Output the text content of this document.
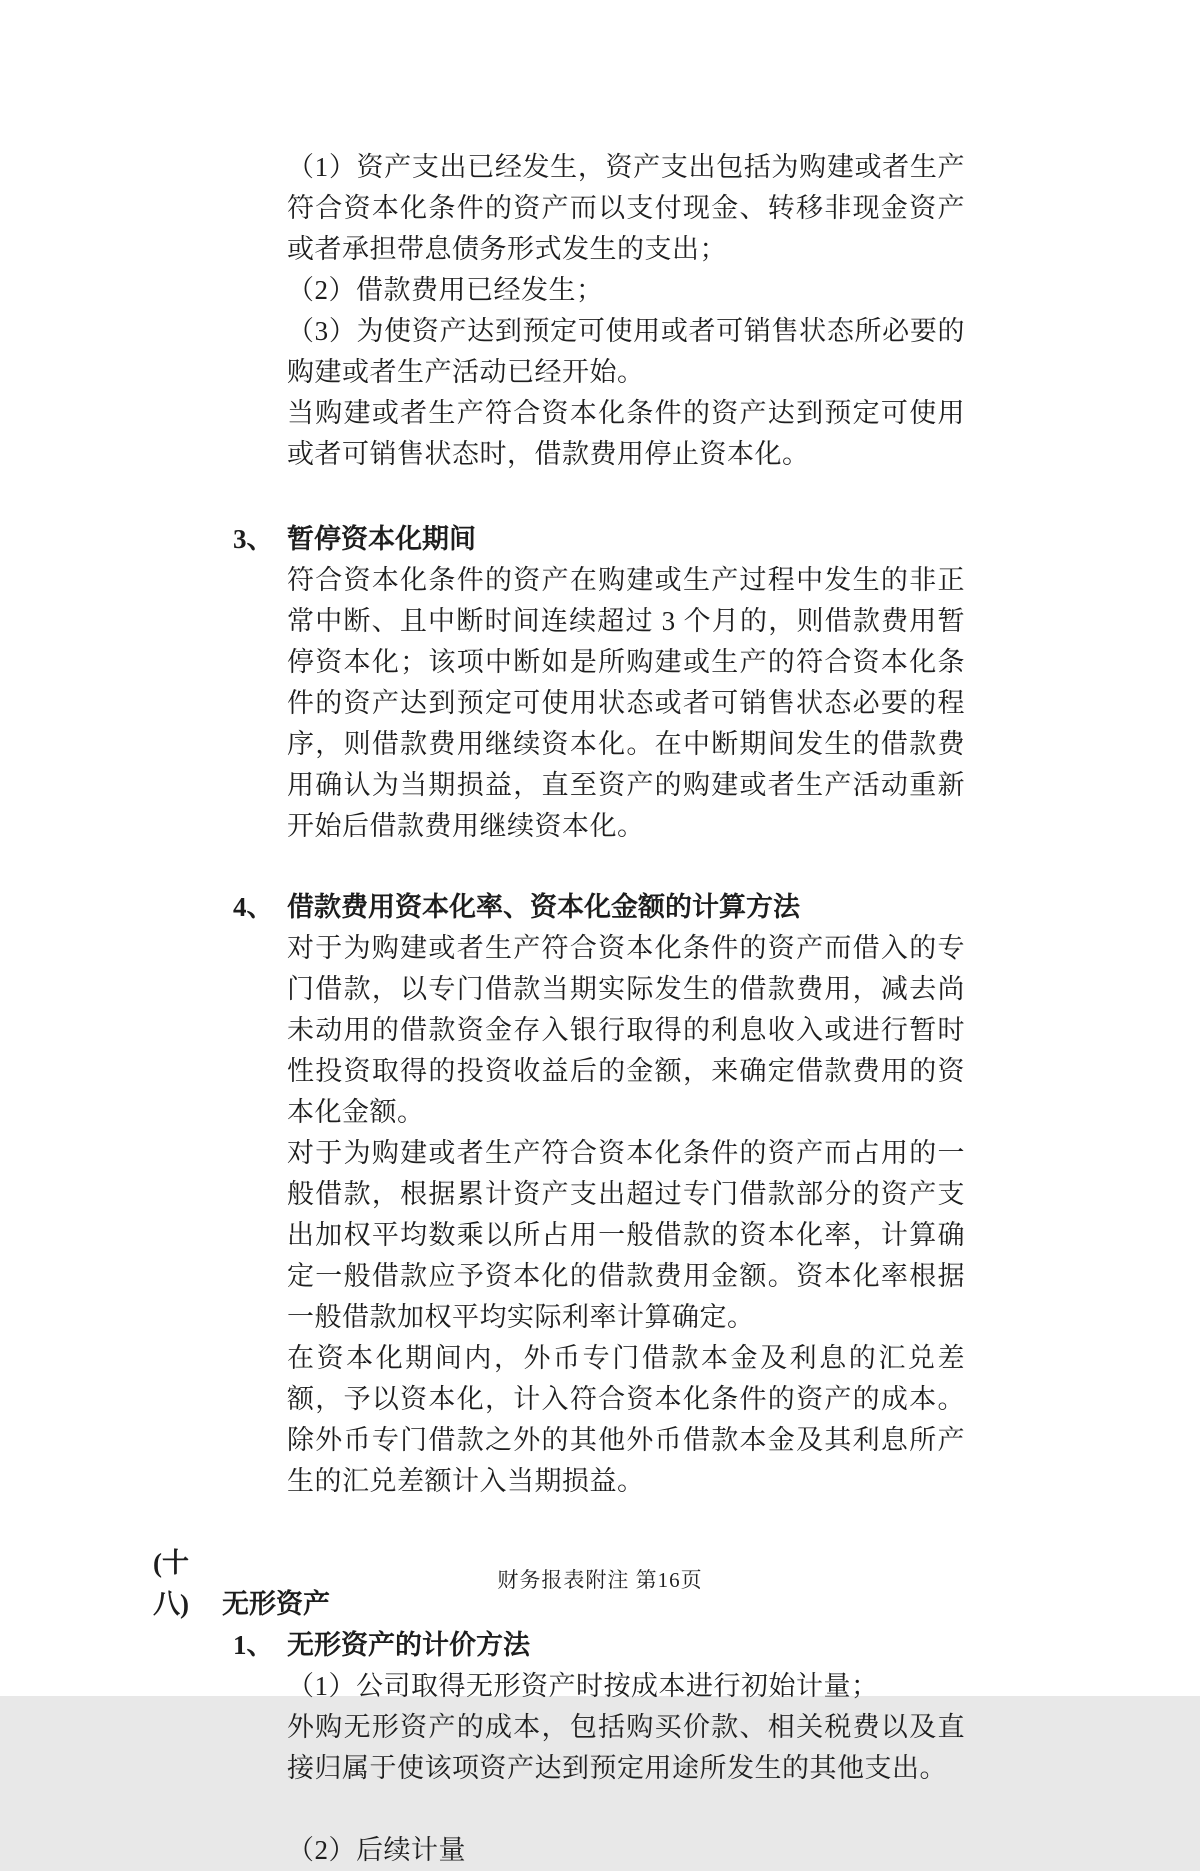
（1）资产支出已经发生，资产支出包括为购建或者生产符合资本化条件的资产而以支付现金、转移非现金资产或者承担带息债务形式发生的支出；

（2）借款费用已经发生；

（3）为使资产达到预定可使用或者可销售状态所必要的购建或者生产活动已经开始。

当购建或者生产符合资本化条件的资产达到预定可使用或者可销售状态时，借款费用停止资本化。

3、 暂停资本化期间

符合资本化条件的资产在购建或生产过程中发生的非正常中断、且中断时间连续超过 3 个月的，则借款费用暂停资本化；该项中断如是所购建或生产的符合资本化条件的资产达到预定可使用状态或者可销售状态必要的程序，则借款费用继续资本化。在中断期间发生的借款费用确认为当期损益，直至资产的购建或者生产活动重新开始后借款费用继续资本化。

4、 借款费用资本化率、资本化金额的计算方法

对于为购建或者生产符合资本化条件的资产而借入的专门借款，以专门借款当期实际发生的借款费用，减去尚未动用的借款资金存入银行取得的利息收入或进行暂时性投资取得的投资收益后的金额，来确定借款费用的资本化金额。

对于为购建或者生产符合资本化条件的资产而占用的一般借款，根据累计资产支出超过专门借款部分的资产支出加权平均数乘以所占用一般借款的资本化率，计算确定一般借款应予资本化的借款费用金额。资本化率根据一般借款加权平均实际利率计算确定。

在资本化期间内，外币专门借款本金及利息的汇兑差额，予以资本化，计入符合资本化条件的资产的成本。除外币专门借款之外的其他外币借款本金及其利息所产生的汇兑差额计入当期损益。

(十八) 无形资产
1、 无形资产的计价方法

（1）公司取得无形资产时按成本进行初始计量；

外购无形资产的成本，包括购买价款、相关税费以及直接归属于使该项资产达到预定用途所发生的其他支出。

（2）后续计量

财务报表附注 第16页
